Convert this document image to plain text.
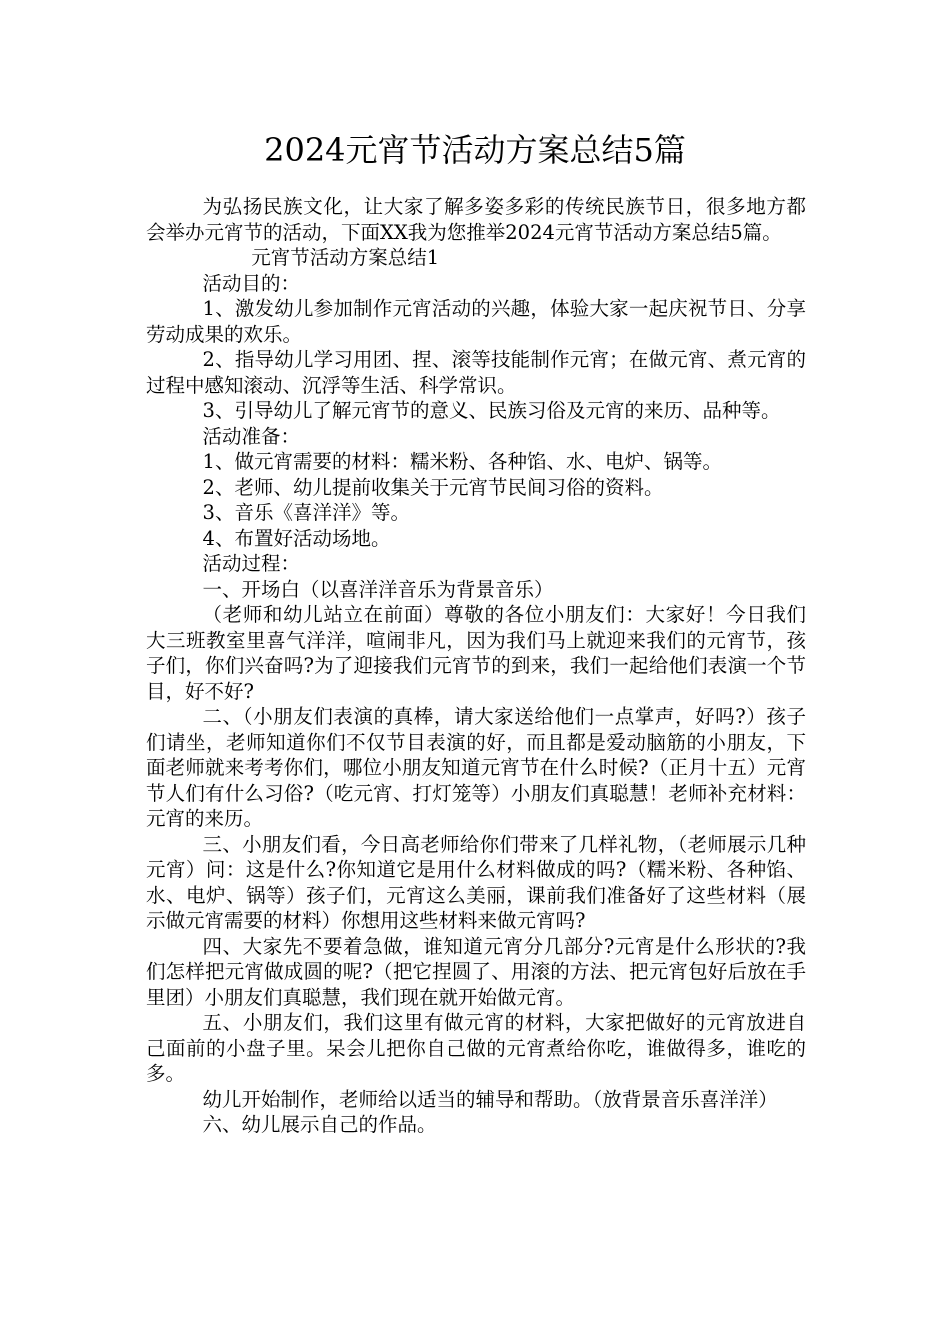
2024元宵节活动方案总结5篇

为弘扬民族文化，让大家了解多姿多彩的传统民族节日，很多地方都会举办元宵节的活动，下面XX我为您推举2024元宵节活动方案总结5篇。

元宵节活动方案总结1

活动目的：

1、激发幼儿参加制作元宵活动的兴趣，体验大家一起庆祝节日、分享劳动成果的欢乐。

2、指导幼儿学习用团、捏、滚等技能制作元宵；在做元宵、煮元宵的过程中感知滚动、沉浮等生活、科学常识。

3、引导幼儿了解元宵节的意义、民族习俗及元宵的来历、品种等。

活动准备：

1、做元宵需要的材料：糯米粉、各种馅、水、电炉、锅等。

2、老师、幼儿提前收集关于元宵节民间习俗的资料。

3、音乐《喜洋洋》等。

4、布置好活动场地。

活动过程：

一、开场白（以喜洋洋音乐为背景音乐）

（老师和幼儿站立在前面）尊敬的各位小朋友们：大家好！今日我们大三班教室里喜气洋洋，喧闹非凡，因为我们马上就迎来我们的元宵节，孩子们，你们兴奋吗?为了迎接我们元宵节的到来，我们一起给他们表演一个节目，好不好?

二、（小朋友们表演的真棒，请大家送给他们一点掌声，好吗?）孩子们请坐，老师知道你们不仅节目表演的好，而且都是爱动脑筋的小朋友，下面老师就来考考你们，哪位小朋友知道元宵节在什么时候?（正月十五）元宵节人们有什么习俗?（吃元宵、打灯笼等）小朋友们真聪慧！老师补充材料：元宵的来历。

三、小朋友们看，今日高老师给你们带来了几样礼物，（老师展示几种元宵）问：这是什么?你知道它是用什么材料做成的吗?（糯米粉、各种馅、水、电炉、锅等）孩子们，元宵这么美丽，课前我们准备好了这些材料（展示做元宵需要的材料）你想用这些材料来做元宵吗?

四、大家先不要着急做，谁知道元宵分几部分?元宵是什么形状的?我们怎样把元宵做成圆的呢?（把它捏圆了、用滚的方法、把元宵包好后放在手里团）小朋友们真聪慧，我们现在就开始做元宵。

五、小朋友们，我们这里有做元宵的材料，大家把做好的元宵放进自己面前的小盘子里。呆会儿把你自己做的元宵煮给你吃，谁做得多，谁吃的多。

幼儿开始制作，老师给以适当的辅导和帮助。（放背景音乐喜洋洋）

六、幼儿展示自己的作品。
